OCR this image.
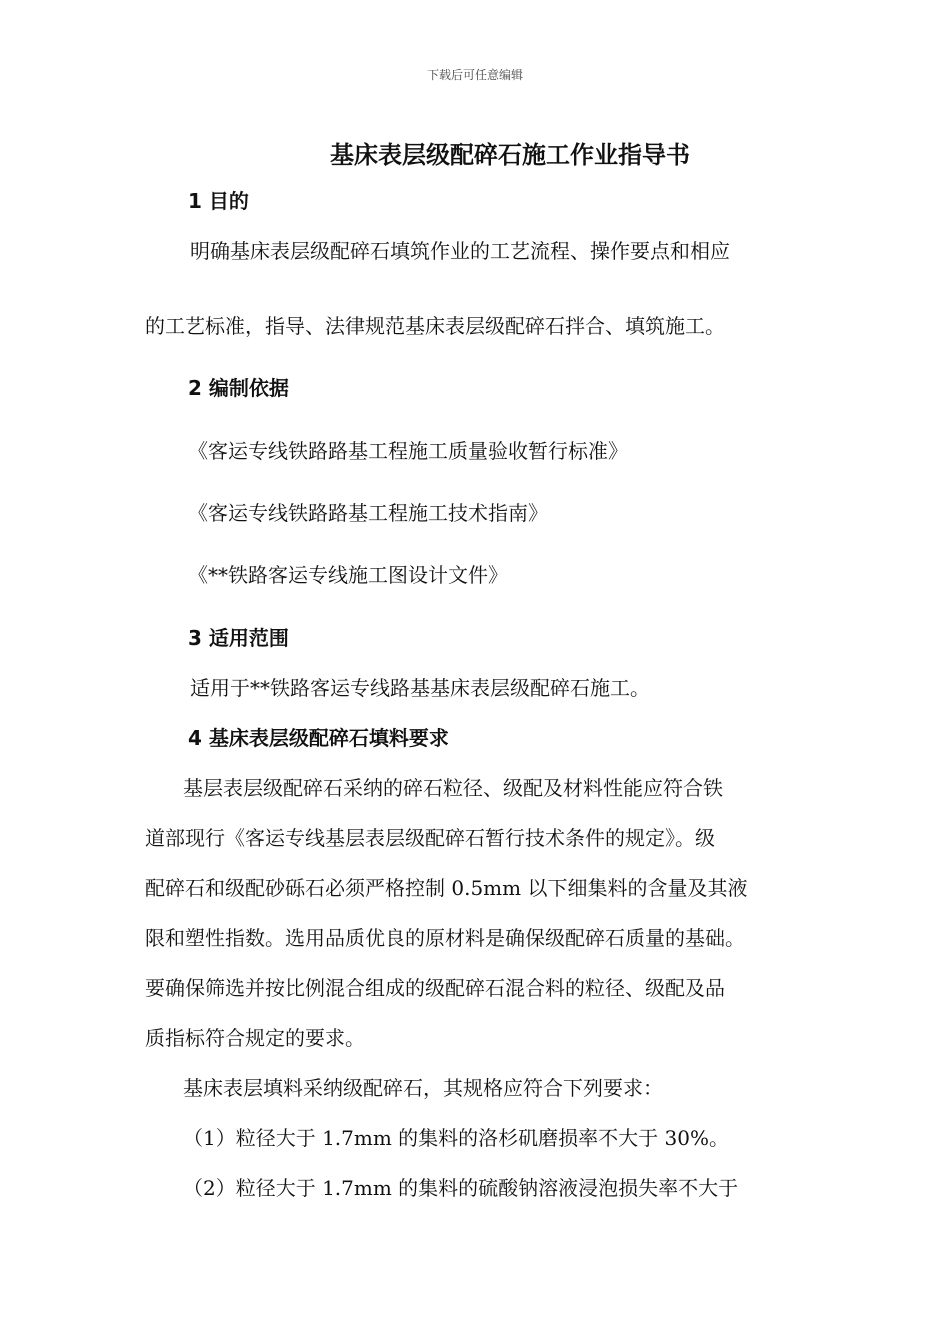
下载后可任意编辑
基床表层级配碎石施工作业指导书
1 目的
明确基床表层级配碎石填筑作业的工艺流程、操作要点和相应
的工艺标准，指导、法律规范基床表层级配碎石拌合、填筑施工。
2 编制依据
《客运专线铁路路基工程施工质量验收暂行标准》
《客运专线铁路路基工程施工技术指南》
《**铁路客运专线施工图设计文件》
3 适用范围
适用于**铁路客运专线路基基床表层级配碎石施工。
4 基床表层级配碎石填料要求
基层表层级配碎石采纳的碎石粒径、级配及材料性能应符合铁
道部现行《客运专线基层表层级配碎石暂行技术条件的规定》。级
配碎石和级配砂砾石必须严格控制 0.5mm 以下细集料的含量及其液
限和塑性指数。选用品质优良的原材料是确保级配碎石质量的基础。
要确保筛选并按比例混合组成的级配碎石混合料的粒径、级配及品
质指标符合规定的要求。
基床表层填料采纳级配碎石，其规格应符合下列要求：
（1）粒径大于 1.7mm 的集料的洛杉矶磨损率不大于 30%。
（2）粒径大于 1.7mm 的集料的硫酸钠溶液浸泡损失率不大于
